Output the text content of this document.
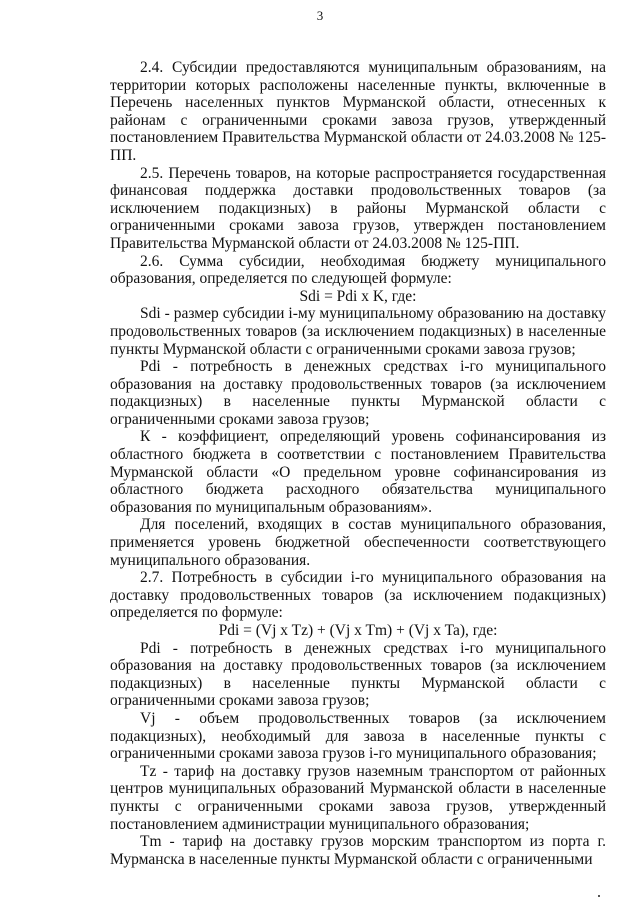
3

2.4. Субсидии предоставляются муниципальным образованиям, на территории которых расположены населенные пункты, включенные в Перечень населенных пунктов Мурманской области, отнесенных к районам с ограниченными сроками завоза грузов, утвержденный постановлением Правительства Мурманской области от 24.03.2008 № 125-ПП.

2.5. Перечень товаров, на которые распространяется государственная финансовая поддержка доставки продовольственных товаров (за исключением подакцизных) в районы Мурманской области с ограниченными сроками завоза грузов, утвержден постановлением Правительства Мурманской области от 24.03.2008 № 125-ПП.

2.6. Сумма субсидии, необходимая бюджету муниципального образования, определяется по следующей формуле:

Sdi = Pdi x K, где:

Sdi - размер субсидии i-му муниципальному образованию на доставку продовольственных товаров (за исключением подакцизных) в населенные пункты Мурманской области с ограниченными сроками завоза грузов;

Pdi - потребность в денежных средствах i-го муниципального образования на доставку продовольственных товаров (за исключением подакцизных) в населенные пункты Мурманской области с ограниченными сроками завоза грузов;

К - коэффициент, определяющий уровень софинансирования из областного бюджета в соответствии с постановлением Правительства Мурманской области «О предельном уровне софинансирования из областного бюджета расходного обязательства муниципального образования по муниципальным образованиям».

Для поселений, входящих в состав муниципального образования, применяется уровень бюджетной обеспеченности соответствующего муниципального образования.

2.7. Потребность в субсидии i-го муниципального образования на доставку продовольственных товаров (за исключением подакцизных) определяется по формуле:

Pdi = (Vj x Tz) + (Vj x Tm) + (Vj x Ta), где:

Pdi - потребность в денежных средствах i-го муниципального образования на доставку продовольственных товаров (за исключением подакцизных) в населенные пункты Мурманской области с ограниченными сроками завоза грузов;

Vj - объем продовольственных товаров (за исключением подакцизных), необходимый для завоза в населенные пункты с ограниченными сроками завоза грузов i-го муниципального образования;

Tz - тариф на доставку грузов наземным транспортом от районных центров муниципальных образований Мурманской области в населенные пункты с ограниченными сроками завоза грузов, утвержденный постановлением администрации муниципального образования;

Tm - тариф на доставку грузов морским транспортом из порта г. Мурманска в населенные пункты Мурманской области с ограниченными
